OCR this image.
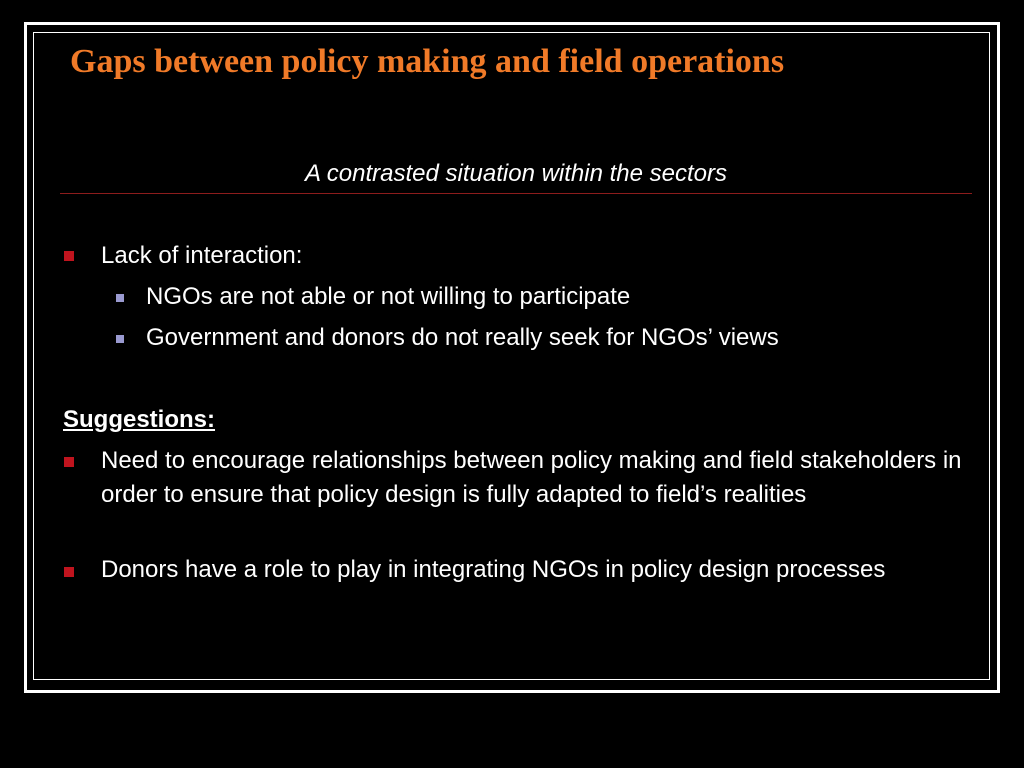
Gaps between policy making and field operations
A contrasted situation within the sectors
Lack of interaction:
NGOs are not able or not willing to participate
Government and donors do not really seek for NGOs’ views
Suggestions:
Need to encourage relationships between policy making and field stakeholders in order to ensure that policy design is fully adapted to field’s realities
Donors have a role to play in integrating NGOs in policy design processes
